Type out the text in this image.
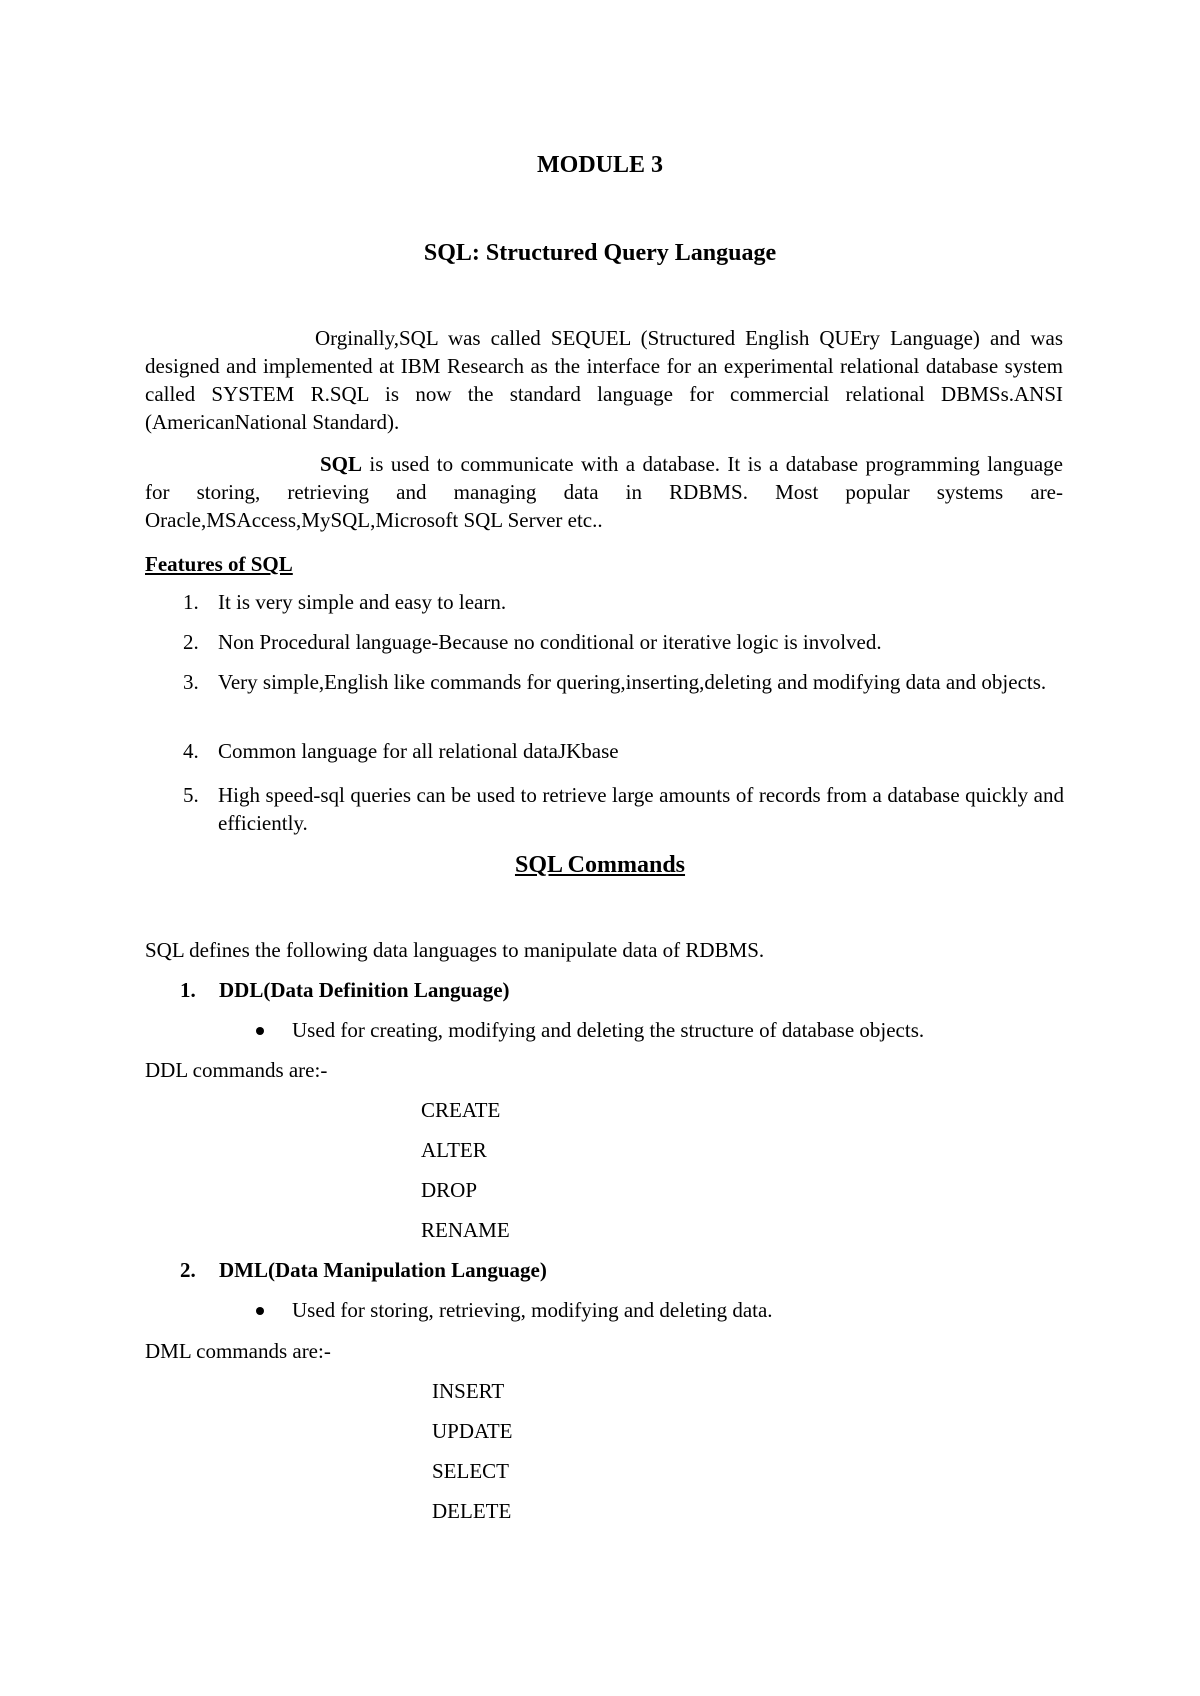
MODULE 3
SQL: Structured Query Language

Orginally,SQL was called SEQUEL (Structured English QUEry Language) and was designed and implemented at IBM Research as the interface for an experimental relational database system called SYSTEM R.SQL is now the standard language for commercial relational DBMSs.ANSI (AmericanNational Standard).

SQL is used to communicate with a database. It is a database programming language for storing, retrieving and managing data in RDBMS. Most popular systems are-Oracle,MSAccess,MySQL,Microsoft SQL Server etc..

Features of SQL
1. It is very simple and easy to learn.
2. Non Procedural language-Because no conditional or iterative logic is involved.
3. Very simple,English like commands for quering,inserting,deleting and modifying data and objects.
4. Common language for all relational dataJKbase
5. High speed-sql queries can be used to retrieve large amounts of records from a database quickly and efficiently.
SQL Commands
SQL defines the following data languages to manipulate data of RDBMS.
1. DDL(Data Definition Language)
Used for creating, modifying and deleting the structure of database objects.
DDL commands are:-
CREATE
ALTER
DROP
RENAME
2. DML(Data Manipulation Language)
Used for storing, retrieving, modifying and deleting data.
DML commands are:-
INSERT
UPDATE
SELECT
DELETE
